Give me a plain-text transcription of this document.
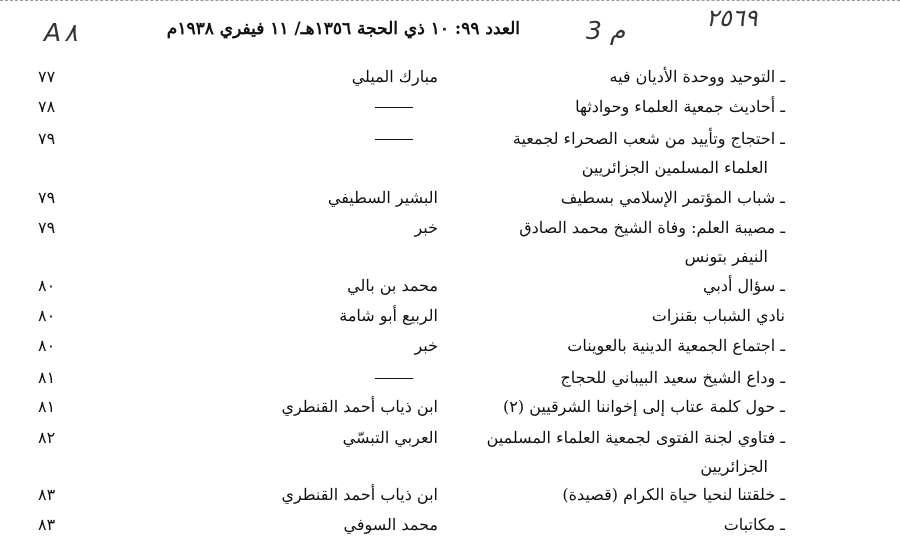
A٨	3 م	٢٥٦٩
العدد ٩٩: ١٠ ذي الحجة ١٣٥٦هـ/ ١١ فيفري ١٩٣٨م
ـ التوحيد ووحدة الأديان فيه
مبارك الميلي
٧٧
ـ أحاديث جمعية العلماء وحوادثها
٧٨
ـ احتجاج وتأييد من شعب الصحراء لجمعية
العلماء المسلمين الجزائريين
٧٩
ـ شباب المؤتمر الإسلامي بسطيف
البشير السطيفي
٧٩
ـ مصيبة العلم: وفاة الشيخ محمد الصادق
النيفر بتونس
خبر
٧٩
ـ سؤال أدبي
محمد بن بالي
٨٠
نادي الشباب بقنزات
الربيع أبو شامة
٨٠
ـ اجتماع الجمعية الدينية بالعوينات
خبر
٨٠
ـ وداع الشيخ سعيد البيباني للحجاج
٨١
ـ حول كلمة عتاب إلى إخواننا الشرقيين (٢)
ابن ذياب أحمد القنطري
٨١
ـ فتاوي لجنة الفتوى لجمعية العلماء المسلمين
الجزائريين
العربي التبسّي
٨٢
ـ خلقتنا لنحيا حياة الكرام (قصيدة)
ابن ذياب أحمد القنطري
٨٣
ـ مكاتبات
محمد السوفي
٨٣
